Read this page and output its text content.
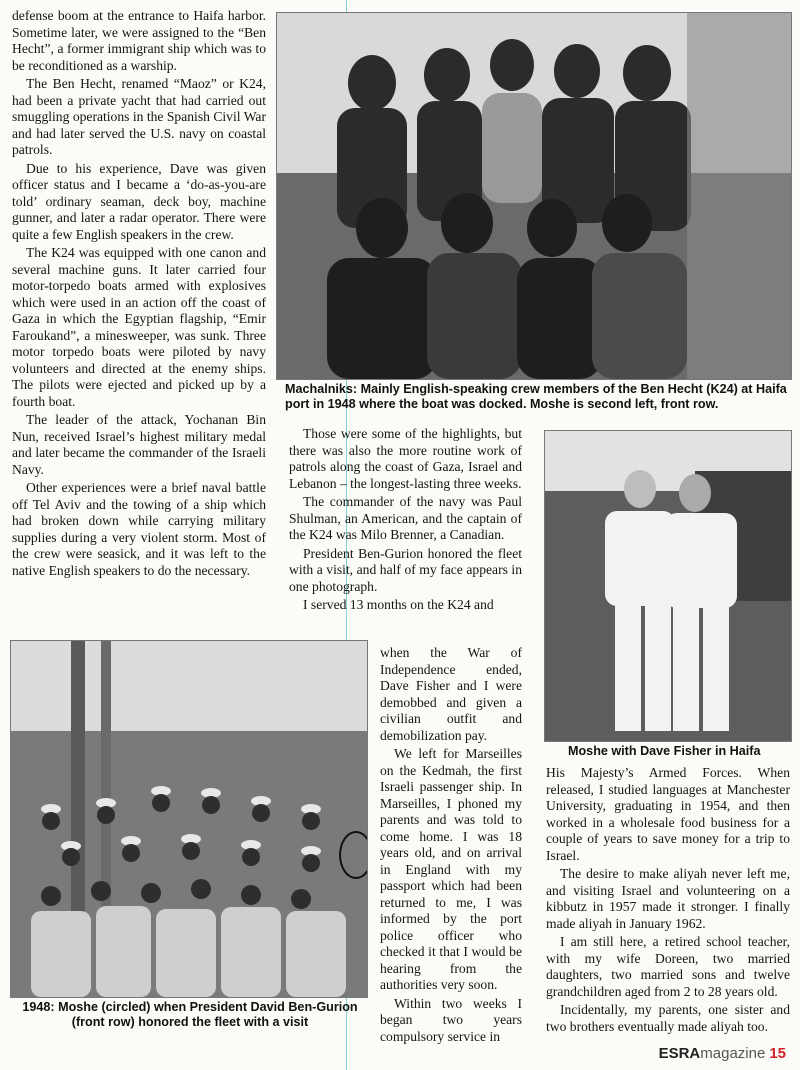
defense boom at the entrance to Haifa harbor. Sometime later, we were assigned to the “Ben Hecht”, a former immigrant ship which was to be reconditioned as a warship.

The Ben Hecht, renamed “Maoz” or K24, had been a private yacht that had carried out smuggling operations in the Spanish Civil War and had later served the U.S. navy on coastal patrols.

Due to his experience, Dave was given officer status and I became a ‘do-as-you-are told’ ordinary seaman, deck boy, machine gunner, and later a radar operator. There were quite a few English speakers in the crew.

The K24 was equipped with one canon and several machine guns. It later carried four motor-torpedo boats armed with explosives which were used in an action off the coast of Gaza in which the Egyptian flagship, “Emir Faroukand”, a minesweeper, was sunk. Three motor torpedo boats were piloted by navy volunteers and directed at the enemy ships. The pilots were ejected and picked up by a fourth boat.

The leader of the attack, Yochanan Bin Nun, received Israel’s highest military medal and later became the commander of the Israeli Navy.

Other experiences were a brief naval battle off Tel Aviv and the towing of a ship which had broken down while carrying military supplies during a very violent storm. Most of the crew were seasick, and it was left to the native English speakers to do the necessary.

Machalniks: Mainly English-speaking crew members of the Ben Hecht (K24) at Haifa port in 1948 where the boat was docked. Moshe is second left, front row.

Those were some of the highlights, but there was also the more routine work of patrols along the coast of Gaza, Israel and Lebanon – the longest-lasting three weeks.

The commander of the navy was Paul Shulman, an American, and the captain of the K24 was Milo Brenner, a Canadian.

President Ben-Gurion honored the fleet with a visit, and half of my face appears in one photograph.

I served 13 months on the K24 and

Moshe with Dave Fisher in Haifa

His Majesty’s Armed Forces. When released, I studied languages at Manchester University, graduating in 1954, and then worked in a wholesale food business for a couple of years to save money for a trip to Israel.

The desire to make aliyah never left me, and visiting Israel and volunteering on a kibbutz in 1957 made it stronger. I finally made aliyah in January 1962.

I am still here, a retired school teacher, with my wife Doreen, two married daughters, two married sons and twelve grandchildren aged from 2 to 28 years old.

Incidentally, my parents, one sister and two brothers eventually made aliyah too.

1948: Moshe (circled) when President David Ben-Gurion (front row) honored the fleet with a visit

when the War of Independence ended, Dave Fisher and I were demobbed and given a civilian outfit and demobilization pay.

We left for Marseilles on the Kedmah, the first Israeli passenger ship. In Marseilles, I phoned my parents and was told to come home. I was 18 years old, and on arrival in England with my passport which had been returned to me, I was informed by the port police officer who checked it that I would be hearing from the authorities very soon.

Within two weeks I began two years compulsory service in

ESRAmagazine 15
